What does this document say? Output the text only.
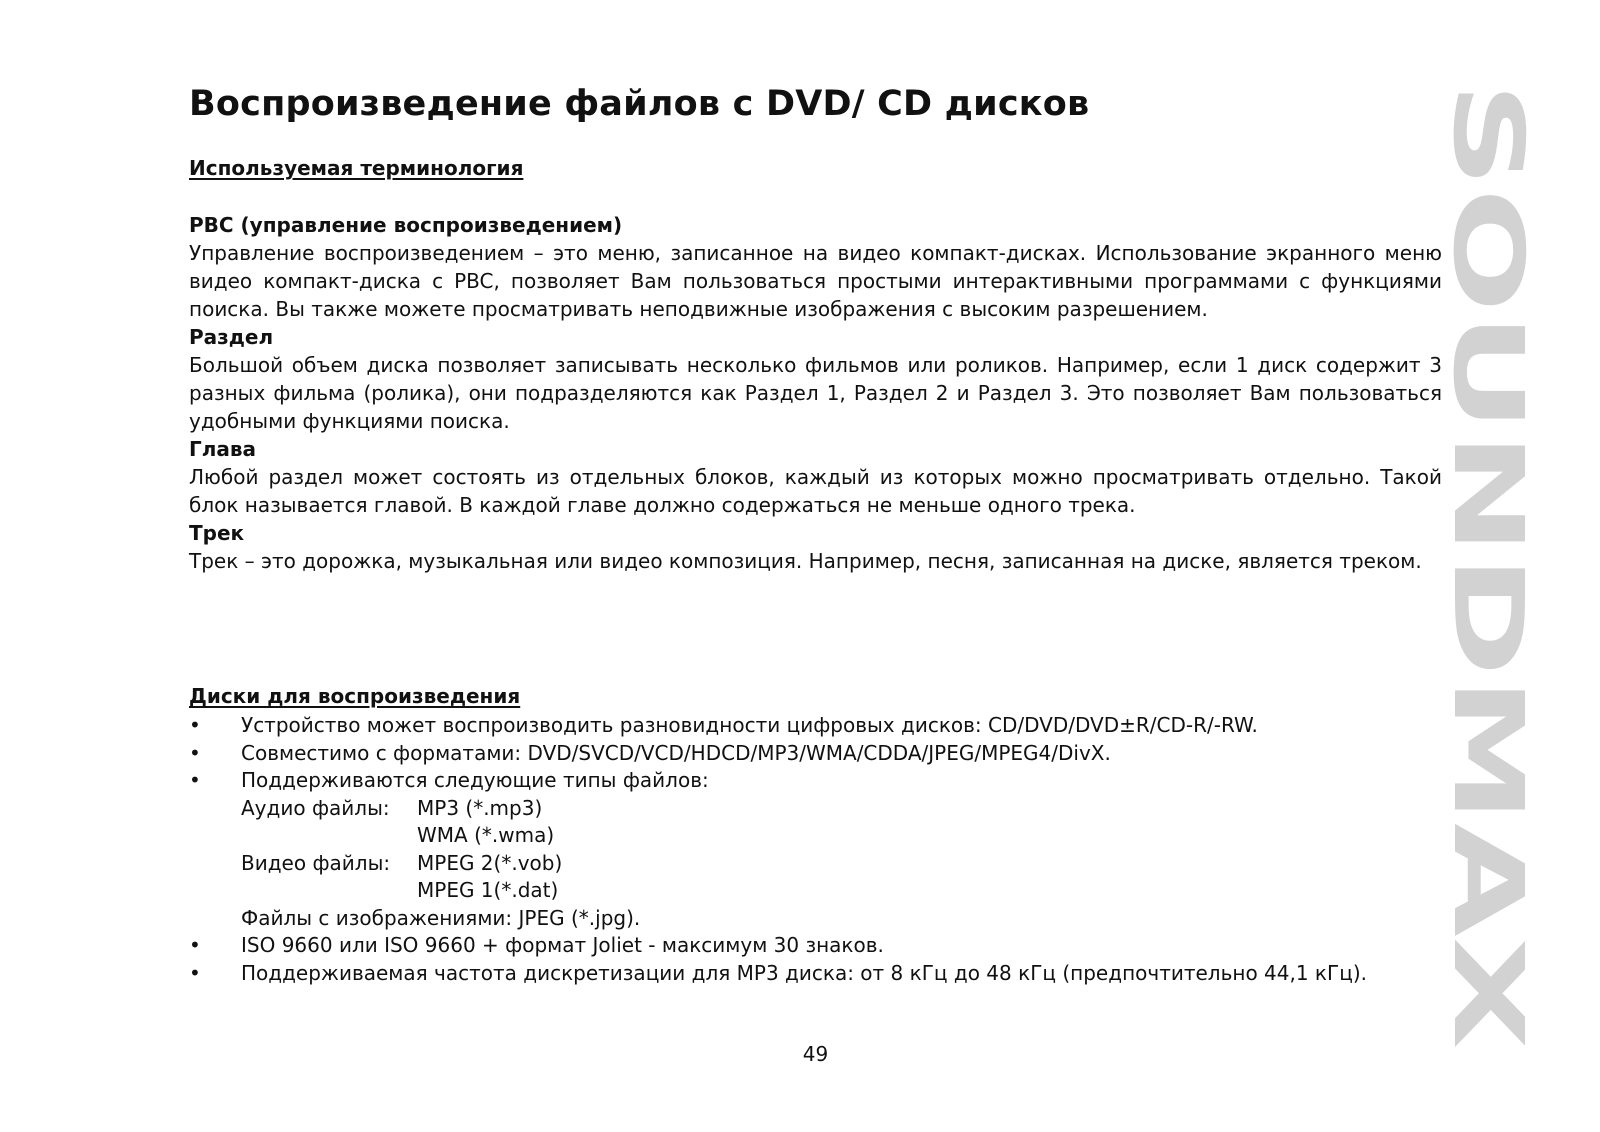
Воспроизведение файлов с DVD/ CD дисков
Используемая терминология

PBC (управление воспроизведением)

Управление воспроизведением – это меню, записанное на видео компакт-дисках. Использование экранного меню видео компакт-диска с PBC, позволяет Вам пользоваться простыми интерактивными программами с функциями поиска. Вы также можете просматривать неподвижные изображения с высоким разрешением.

Раздел

Большой объем диска позволяет записывать несколько фильмов или роликов. Например, если 1 диск содержит 3 разных фильма (ролика), они подразделяются как Раздел 1, Раздел 2 и Раздел 3. Это позволяет Вам пользоваться удобными функциями поиска.

Глава

Любой раздел может состоять из отдельных блоков, каждый из которых можно просматривать отдельно. Такой блок называется главой. В каждой главе должно содержаться не меньше одного трека.

Трек

Трек – это дорожка, музыкальная или видео композиция. Например, песня, записанная на диске, является треком.

Диски для воспроизведения
• Устройство может воспроизводить разновидности цифровых дисков: CD/DVD/DVD±R/CD-R/-RW.
• Совместимо с форматами: DVD/SVCD/VCD/HDCD/MP3/WMA/CDDA/JPEG/MPEG4/DivX.
• Поддерживаются следующие типы файлов:
Аудио файлы:	MP3 (*.mp3)
WMA (*.wma)
Видео файлы:	MPEG 2(*.vob)
MPEG 1(*.dat)
Файлы с изображениями: JPEG (*.jpg).
• ISO 9660 или ISO 9660 + формат Joliet - максимум 30 знаков.
• Поддерживаемая частота дискретизации для MP3 диска: от 8 кГц до 48 кГц (предпочтительно 44,1 кГц).
49
SOUNDMAX
